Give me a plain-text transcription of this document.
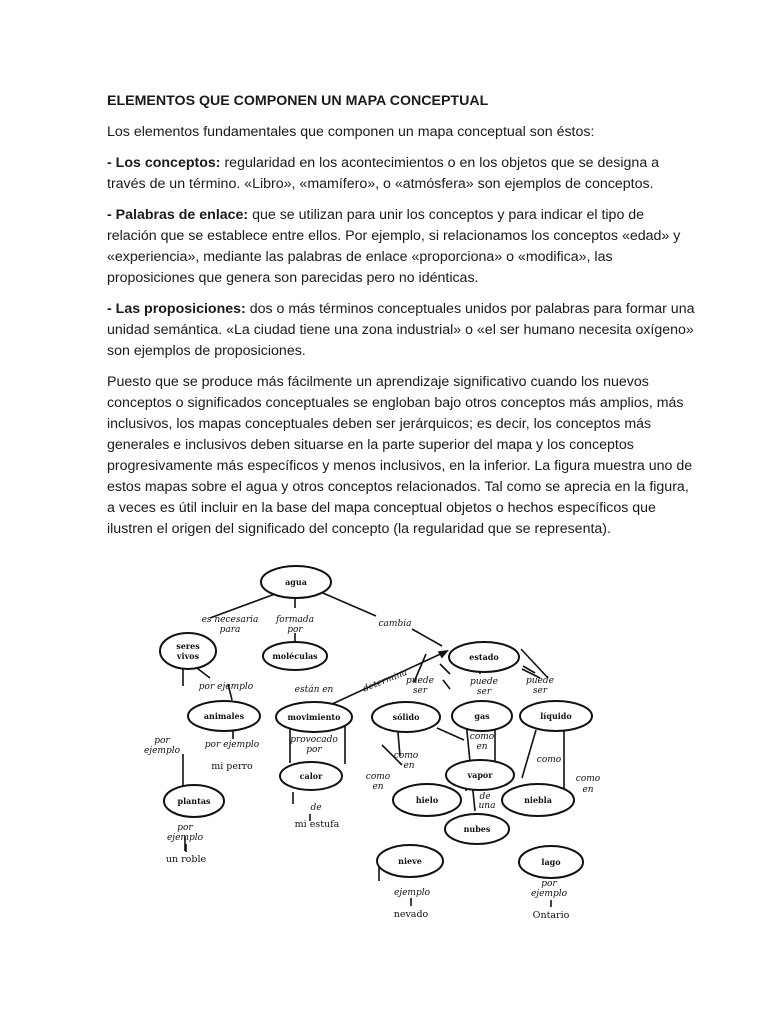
ELEMENTOS QUE COMPONEN UN MAPA CONCEPTUAL

Los elementos fundamentales que componen un mapa conceptual son éstos:

- Los conceptos: regularidad en los acontecimientos o en los objetos que se designa a través de un término. «Libro», «mamífero», o «atmósfera» son ejemplos de conceptos.

- Palabras de enlace: que se utilizan para unir los conceptos y para indicar el tipo de relación que se establece entre ellos. Por ejemplo, si relacionamos los conceptos «edad» y «experiencia», mediante las palabras de enlace «proporciona» o «modifica», las proposiciones que genera son parecidas pero no idénticas.

- Las proposiciones: dos o más términos conceptuales unidos por palabras para formar una unidad semántica. «La ciudad tiene una zona industrial» o «el ser humano necesita oxígeno» son ejemplos de proposiciones.

Puesto que se produce más fácilmente un aprendizaje significativo cuando los nuevos conceptos o significados conceptuales se engloban bajo otros conceptos más amplios, más inclusivos, los mapas conceptuales deben ser jerárquicos; es decir, los conceptos más generales e inclusivos deben situarse en la parte superior del mapa y los conceptos progresivamente más específicos y menos inclusivos, en la inferior. La figura muestra uno de estos mapas sobre el agua y otros conceptos relacionados. Tal como se aprecia en la figura, a veces es útil incluir en la base del mapa conceptual objetos o hechos específicos que ilustren el origen del significado del concepto (la regularidad que se representa).

agua
seres
vivos	moléculas	estado
animales	movimiento	sólido	gas	líquido
calor	vapor
hielo	niebla
plantas
nubes
nieve	lago
es necesaria
para
formada
por
cambia
por ejemplo	están en	determina
puede
ser
puede
ser
puede
ser
por
ejemplo
por ejemplo	provocado
por
como
en
como
en
como
como
en
como
en
de
una
de
por
ejemplo
ejemplo
por
ejemplo
mi perro
mi estufa
un roble
nevado	Ontario
